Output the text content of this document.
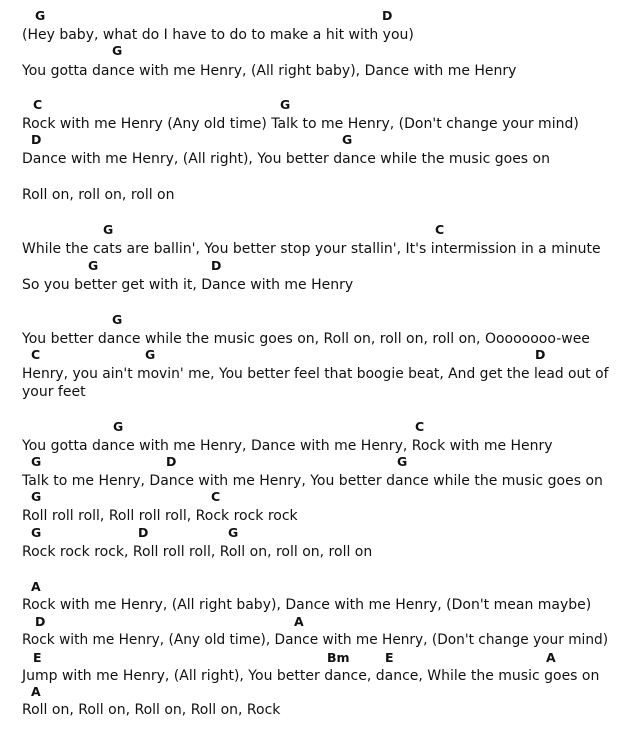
G	D
(Hey baby, what do I have to do to make a hit with you)
G
You gotta dance with me Henry, (All right baby), Dance with me Henry
C	G
Rock with me Henry (Any old time) Talk to me Henry, (Don't change your mind)
D	G
Dance with me Henry, (All right), You better dance while the music goes on
Roll on, roll on, roll on
G	C
While the cats are ballin', You better stop your stallin', It's intermission in a minute
G	D
So you better get with it, Dance with me Henry
G
You better dance while the music goes on, Roll on, roll on, roll on, Oooooooo-wee
C	G	D
Henry, you ain't movin' me, You better feel that boogie beat, And get the lead out of
your feet
G	C
You gotta dance with me Henry, Dance with me Henry, Rock with me Henry
G	D	G
Talk to me Henry, Dance with me Henry, You better dance while the music goes on
G	C
Roll roll roll, Roll roll roll, Rock rock rock
G	D	G
Rock rock rock, Roll roll roll, Roll on, roll on, roll on
A
Rock with me Henry, (All right baby), Dance with me Henry, (Don't mean maybe)
D	A
Rock with me Henry, (Any old time), Dance with me Henry, (Don't change your mind)
E	Bm	E	A
Jump with me Henry, (All right), You better dance, dance, While the music goes on
A
Roll on, Roll on, Roll on, Roll on, Rock
